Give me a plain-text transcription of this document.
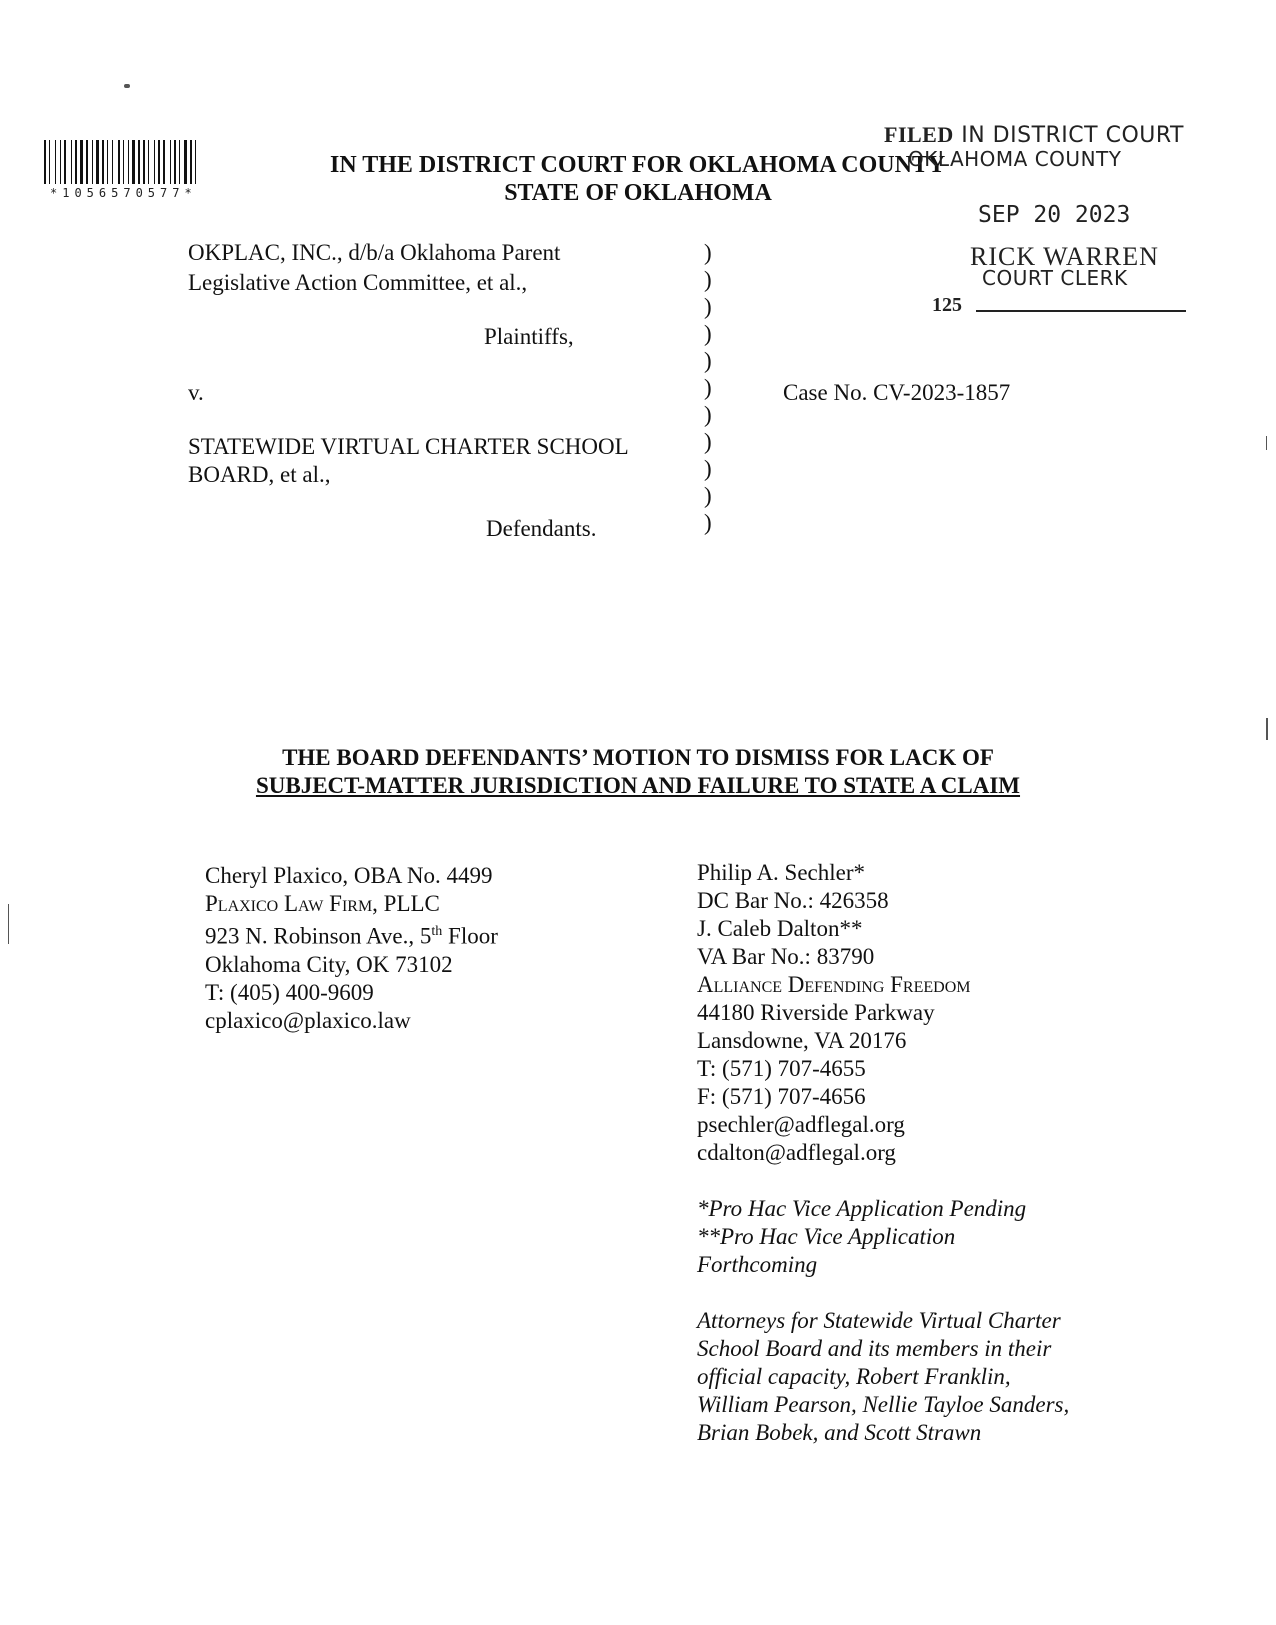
*1056570577*
IN THE DISTRICT COURT FOR OKLAHOMA COUNTY
STATE OF OKLAHOMA
FILED IN DISTRICT COURT
OKLAHOMA COUNTY
SEP 20 2023
RICK WARREN
COURT CLERK
125
OKPLAC, INC., d/b/a Oklahoma Parent
Legislative Action Committee, et al.,
Plaintiffs,
v.
STATEWIDE VIRTUAL CHARTER SCHOOL
BOARD, et al.,
Defendants.
)
)
)
)
)
)
)
)
)
)
)
Case No. CV-2023-1857
THE BOARD DEFENDANTS’ MOTION TO DISMISS FOR LACK OF
SUBJECT-MATTER JURISDICTION AND FAILURE TO STATE A CLAIM
Cheryl Plaxico, OBA No. 4499
Plaxico Law Firm, PLLC
923 N. Robinson Ave., 5th Floor
Oklahoma City, OK 73102
T: (405) 400-9609
cplaxico@plaxico.law
Philip A. Sechler*
DC Bar No.: 426358
J. Caleb Dalton**
VA Bar No.: 83790
Alliance Defending Freedom
44180 Riverside Parkway
Lansdowne, VA 20176
T: (571) 707-4655
F: (571) 707-4656
psechler@adflegal.org
cdalton@adflegal.org
*Pro Hac Vice Application Pending
**Pro Hac Vice Application
Forthcoming
Attorneys for Statewide Virtual Charter
School Board and its members in their
official capacity, Robert Franklin,
William Pearson, Nellie Tayloe Sanders,
Brian Bobek, and Scott Strawn
